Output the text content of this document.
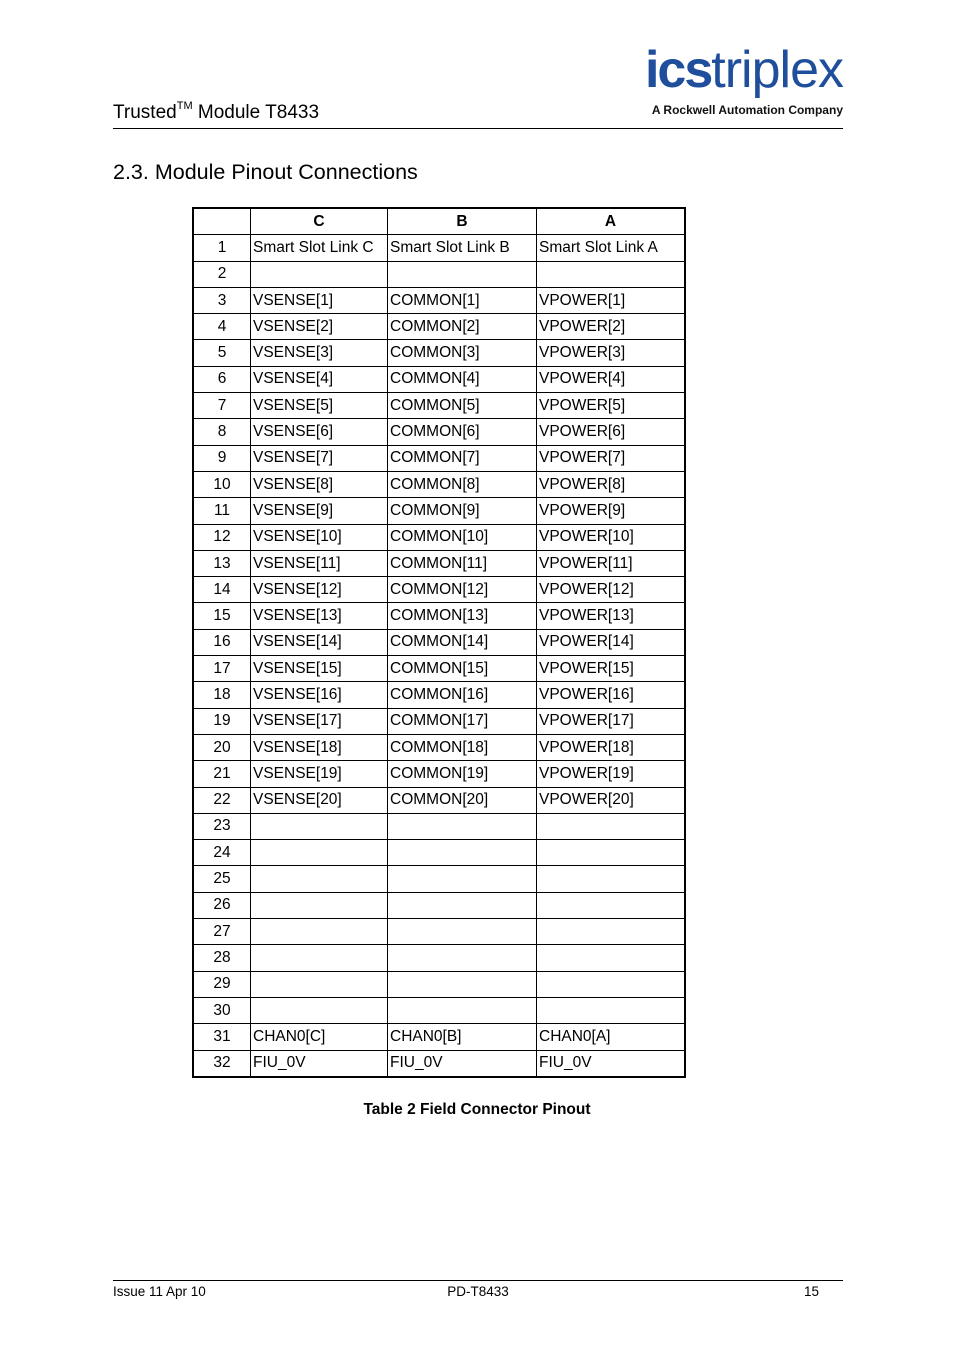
Trusted™ Module T8433
icstriplex
A Rockwell Automation Company
2.3. Module Pinout Connections
	C	B	A
1	Smart Slot Link C	Smart Slot Link B	Smart Slot Link A
2			
3	VSENSE[1]	COMMON[1]	VPOWER[1]
4	VSENSE[2]	COMMON[2]	VPOWER[2]
5	VSENSE[3]	COMMON[3]	VPOWER[3]
6	VSENSE[4]	COMMON[4]	VPOWER[4]
7	VSENSE[5]	COMMON[5]	VPOWER[5]
8	VSENSE[6]	COMMON[6]	VPOWER[6]
9	VSENSE[7]	COMMON[7]	VPOWER[7]
10	VSENSE[8]	COMMON[8]	VPOWER[8]
11	VSENSE[9]	COMMON[9]	VPOWER[9]
12	VSENSE[10]	COMMON[10]	VPOWER[10]
13	VSENSE[11]	COMMON[11]	VPOWER[11]
14	VSENSE[12]	COMMON[12]	VPOWER[12]
15	VSENSE[13]	COMMON[13]	VPOWER[13]
16	VSENSE[14]	COMMON[14]	VPOWER[14]
17	VSENSE[15]	COMMON[15]	VPOWER[15]
18	VSENSE[16]	COMMON[16]	VPOWER[16]
19	VSENSE[17]	COMMON[17]	VPOWER[17]
20	VSENSE[18]	COMMON[18]	VPOWER[18]
21	VSENSE[19]	COMMON[19]	VPOWER[19]
22	VSENSE[20]	COMMON[20]	VPOWER[20]
23			
24			
25			
26			
27			
28			
29			
30			
31	CHAN0[C]	CHAN0[B]	CHAN0[A]
32	FIU_0V	FIU_0V	FIU_0V
Table 2 Field Connector Pinout
Issue 11 Apr 10	PD-T8433	15
